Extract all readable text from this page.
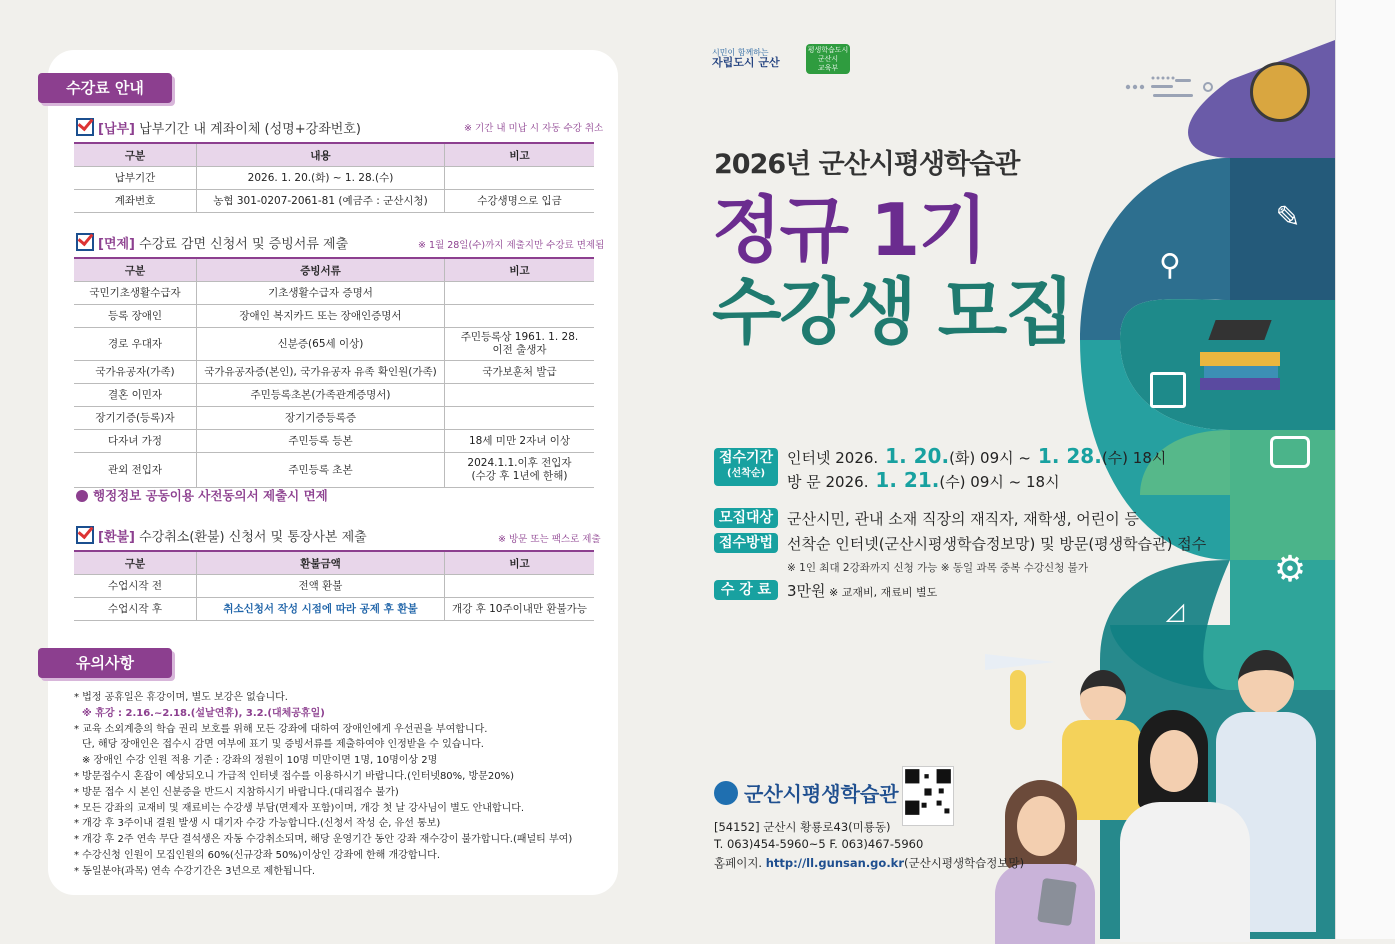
수강료 안내
[납부] 납부기간 내 계좌이체 (성명+강좌번호)	※ 기간 내 미납 시 자동 수강 취소
구분	내용	비고
납부기간	2026. 1. 20.(화) ~ 1. 28.(수)	
계좌번호	농협 301-0207-2061-81 (예금주 : 군산시청)	수강생명으로 입금
[면제] 수강료 감면 신청서 및 증빙서류 제출	※ 1월 28일(수)까지 제출지만 수강료 면제됨
구분	증빙서류	비고
국민기초생활수급자	기초생활수급자 증명서	
등록 장애인	장애인 복지카드 또는 장애인증명서	
경로 우대자	신분증(65세 이상)	주민등록상 1961. 1. 28.
이전 출생자
국가유공자(가족)	국가유공자증(본인), 국가유공자 유족 확인원(가족)	국가보훈처 발급
결혼 이민자	주민등록초본(가족관계증명서)	
장기기증(등록)자	장기기증등록증	
다자녀 가정	주민등록 등본	18세 미만 2자녀 이상
관외 전입자	주민등록 초본	2024.1.1.이후 전입자
(수강 후 1년에 한해)
행정정보 공동이용 사전동의서 제출시 면제
[환불] 수강취소(환불) 신청서 및 통장사본 제출	※ 방문 또는 팩스로 제출
구분	환불금액	비고
수업시작 전	전액 환불	
수업시작 후	취소신청서 작성 시점에 따라 공제 후 환불	개강 후 10주이내만 환불가능
유의사항
* 법정 공휴일은 휴강이며, 별도 보강은 없습니다.
※ 휴강 : 2.16.~2.18.(설날연휴), 3.2.(대체공휴일)
* 교육 소외계층의 학습 권리 보호를 위해 모든 강좌에 대하여 장애인에게 우선권을 부여합니다.
단, 해당 장애인은 접수시 감면 여부에 표기 및 증빙서류를 제출하여야 인정받을 수 있습니다.
※ 장애인 수강 인원 적용 기준 : 강좌의 정원이 10명 미만이면 1명, 10명이상 2명
* 방문접수시 혼잡이 예상되오니 가급적 인터넷 접수를 이용하시기 바랍니다.(인터넷80%, 방문20%)
* 방문 접수 시 본인 신분증을 반드시 지참하시기 바랍니다.(대리접수 불가)
* 모든 강좌의 교재비 및 재료비는 수강생 부담(면제자 포함)이며, 개강 첫 날 강사님이 별도 안내합니다.
* 개강 후 3주이내 결원 발생 시 대기자 수강 가능합니다.(신청서 작성 순, 유선 통보)
* 개강 후 2주 연속 무단 결석생은 자동 수강취소되며, 해당 운영기간 동안 강좌 재수강이 불가합니다.(패널티 부여)
* 수강신청 인원이 모집인원의 60%(신규강좌 50%)이상인 강좌에 한해 개강합니다.
* 동일분야(과목) 연속 수강기간은 3년으로 제한됩니다.
시민이 함께하는
자립도시 군산
평생학습도시
군산시
교육부
2026년 군산시평생학습관
정규 1기
수강생 모집
✎
⚲
⚙
◿
접수기간
(선착순)
인터넷 2026. 1. 20.(화) 09시 ~ 1. 28.(수) 18시
방 문 2026. 1. 21.(수) 09시 ~ 18시
모집대상 군산시민, 관내 소재 직장의 재직자, 재학생, 어린이 등
접수방법 선착순 인터넷(군산시평생학습정보망) 및 방문(평생학습관) 접수
※ 1인 최대 2강좌까지 신청 가능 ※ 동일 과목 중복 수강신청 불가
수 강 료	3만원 ※ 교재비, 재료비 별도
군산시평생학습관
[54152] 군산시 황룡로43(미룡동)
T. 063)454-5960~5 F. 063)467-5960
홈페이지. http://ll.gunsan.go.kr(군산시평생학습정보망)
